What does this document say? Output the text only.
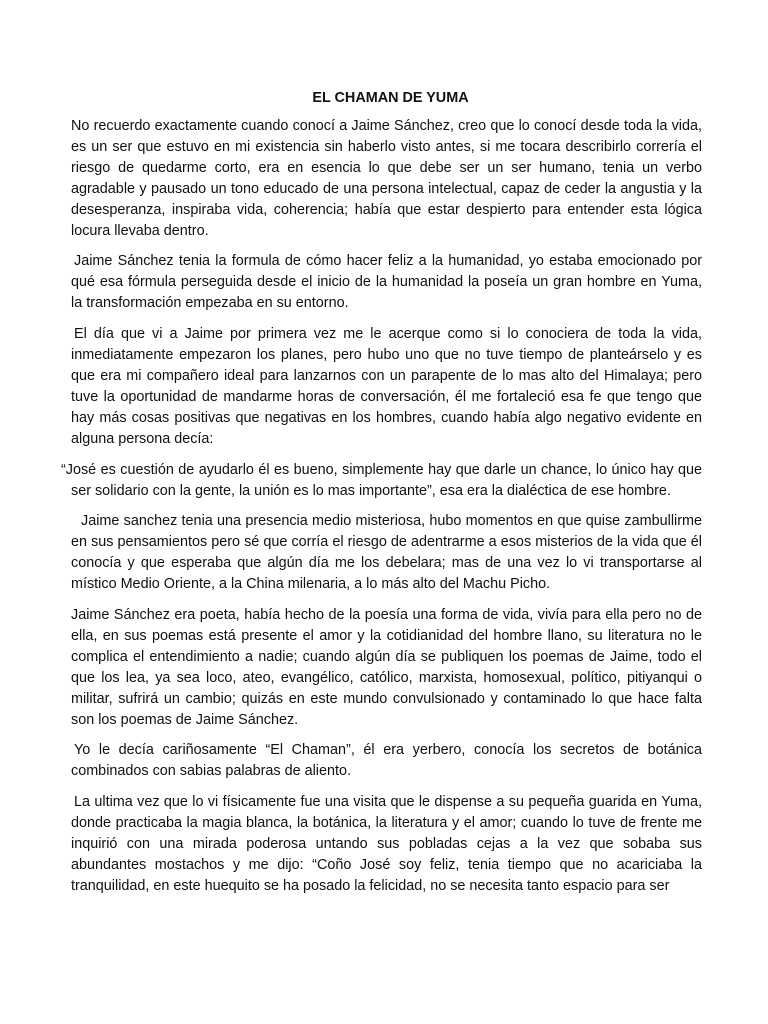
EL CHAMAN DE YUMA

No recuerdo exactamente cuando conocí a Jaime Sánchez, creo que lo conocí desde toda la vida, es un ser que estuvo en mi existencia sin haberlo visto antes, si me tocara describirlo correría el riesgo de quedarme corto, era en esencia lo que debe ser un ser humano, tenia un verbo agradable y pausado un tono educado de una persona intelectual, capaz de ceder la angustia y la desesperanza, inspiraba vida, coherencia; había que estar despierto para entender esta lógica locura llevaba dentro.

Jaime Sánchez tenia la formula de cómo hacer feliz a la humanidad, yo estaba emocionado por qué esa fórmula perseguida desde el inicio de la humanidad la poseía un gran hombre en Yuma, la transformación empezaba en su entorno.

El día que vi a Jaime por primera vez me le acerque como si lo conociera de toda la vida, inmediatamente empezaron los planes, pero hubo uno que no tuve tiempo de planteárselo y es que era mi compañero ideal para lanzarnos con un parapente de lo mas alto del Himalaya; pero tuve la oportunidad de mandarme horas de conversación, él me fortaleció esa fe que tengo que hay más cosas positivas que negativas en los hombres, cuando había algo negativo evidente en alguna persona decía:

“José es cuestión de ayudarlo él es bueno, simplemente hay que darle un chance, lo único hay que ser solidario con la gente, la unión es lo mas importante”, esa era la dialéctica de ese hombre.

Jaime sanchez tenia una presencia medio misteriosa, hubo momentos en que quise zambullirme en sus pensamientos pero sé que corría el riesgo de adentrarme a esos misterios de la vida que él conocía y que esperaba que algún día me los debelara; mas de una vez lo vi transportarse al místico Medio Oriente, a la China milenaria, a lo más alto del Machu Picho.

Jaime Sánchez era poeta, había hecho de la poesía una forma de vida, vivía para ella pero no de ella, en sus poemas está presente el amor y la cotidianidad del hombre llano, su literatura no le complica el entendimiento a nadie; cuando algún día se publiquen los poemas de Jaime, todo el que los lea, ya sea loco, ateo, evangélico, católico, marxista, homosexual, político, pitiyanqui o militar, sufrirá un cambio; quizás en este mundo convulsionado y contaminado lo que hace falta son los poemas de Jaime Sánchez.

Yo le decía cariñosamente “El Chaman”, él era yerbero, conocía los secretos de botánica combinados con sabias palabras de aliento.

La ultima vez que lo vi físicamente fue una visita que le dispense a su pequeña guarida en Yuma, donde practicaba la magia blanca, la botánica, la literatura y el amor; cuando lo tuve de frente me inquirió con una mirada poderosa untando sus pobladas cejas a la vez que sobaba sus abundantes mostachos y me dijo: “Coño José soy feliz, tenia tiempo que no acariciaba la tranquilidad, en este huequito se ha posado la felicidad, no se necesita tanto espacio para ser
